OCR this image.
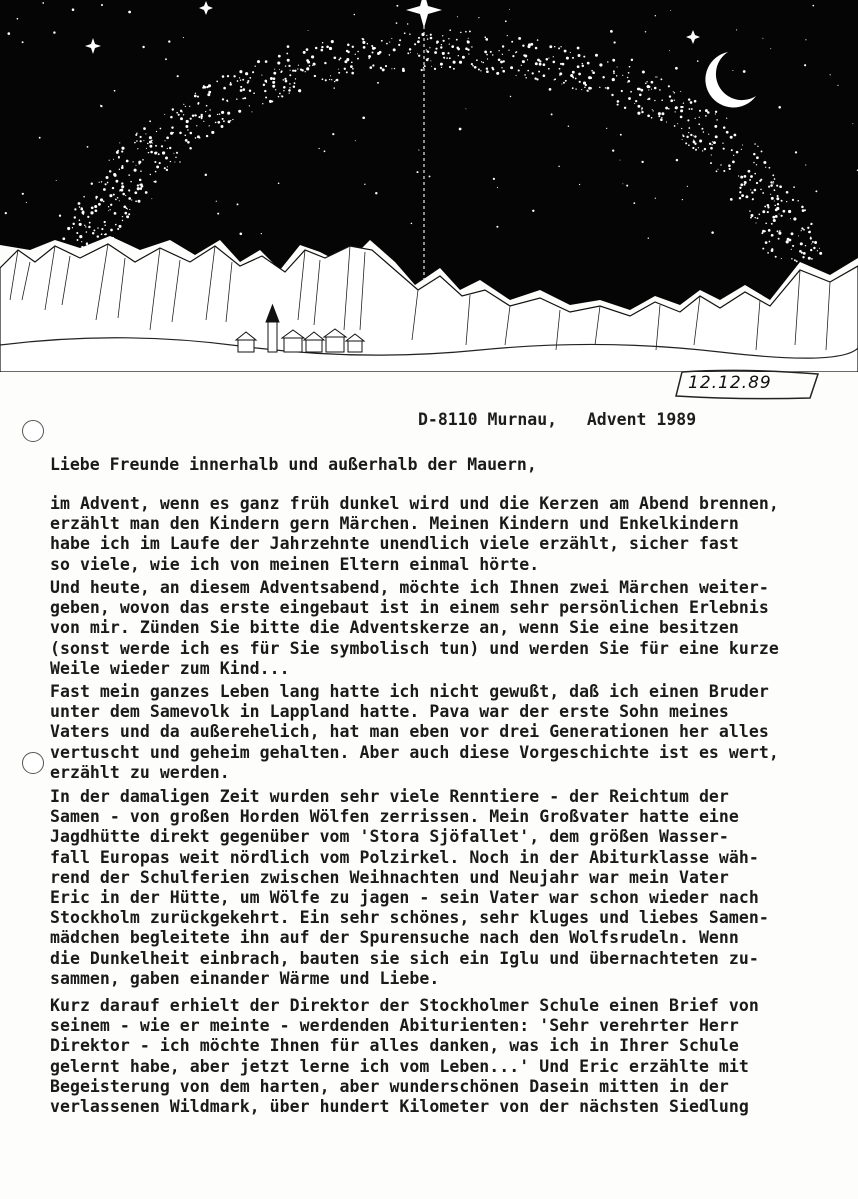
12.12.89
D-8110 Murnau,   Advent 1989
Liebe Freunde innerhalb und außerhalb der Mauern,
im Advent, wenn es ganz früh dunkel wird und die Kerzen am Abend brennen,
erzählt man den Kindern gern Märchen. Meinen Kindern und Enkelkindern
habe ich im Laufe der Jahrzehnte unendlich viele erzählt, sicher fast
so viele, wie ich von meinen Eltern einmal hörte.
Und heute, an diesem Adventsabend, möchte ich Ihnen zwei Märchen weiter-
geben, wovon das erste eingebaut ist in einem sehr persönlichen Erlebnis
von mir. Zünden Sie bitte die Adventskerze an, wenn Sie eine besitzen
(sonst werde ich es für Sie symbolisch tun) und werden Sie für eine kurze
Weile wieder zum Kind...
Fast mein ganzes Leben lang hatte ich nicht gewußt, daß ich einen Bruder
unter dem Samevolk in Lappland hatte. Pava war der erste Sohn meines
Vaters und da außerehelich, hat man eben vor drei Generationen her alles
vertuscht und geheim gehalten. Aber auch diese Vorgeschichte ist es wert,
erzählt zu werden.
In der damaligen Zeit wurden sehr viele Renntiere - der Reichtum der
Samen - von großen Horden Wölfen zerrissen. Mein Großvater hatte eine
Jagdhütte direkt gegenüber vom 'Stora Sjöfallet', dem größen Wasser-
fall Europas weit nördlich vom Polzirkel. Noch in der Abiturklasse wäh-
rend der Schulferien zwischen Weihnachten und Neujahr war mein Vater
Eric in der Hütte, um Wölfe zu jagen - sein Vater war schon wieder nach
Stockholm zurückgekehrt. Ein sehr schönes, sehr kluges und liebes Samen-
mädchen begleitete ihn auf der Spurensuche nach den Wolfsrudeln. Wenn
die Dunkelheit einbrach, bauten sie sich ein Iglu und übernachteten zu-
sammen, gaben einander Wärme und Liebe.
Kurz darauf erhielt der Direktor der Stockholmer Schule einen Brief von
seinem - wie er meinte - werdenden Abiturienten: 'Sehr verehrter Herr
Direktor - ich möchte Ihnen für alles danken, was ich in Ihrer Schule
gelernt habe, aber jetzt lerne ich vom Leben...' Und Eric erzählte mit
Begeisterung von dem harten, aber wunderschönen Dasein mitten in der
verlassenen Wildmark, über hundert Kilometer von der nächsten Siedlung
